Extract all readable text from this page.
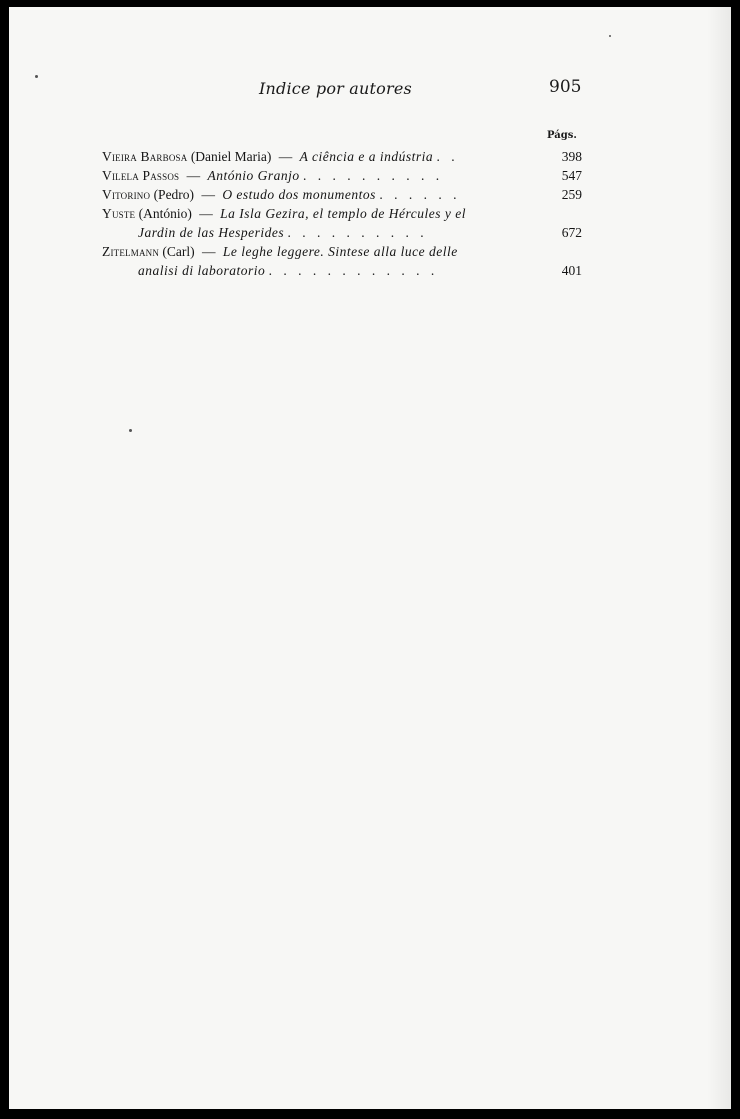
Indice por autores	905
Págs.
Vieira Barbosa (Daniel Maria) — A ciência e a indústria . .	398
Vilela Passos — António Granjo . . . . . . . . . .	547
Vitorino (Pedro) — O estudo dos monumentos . . . . . .	259
Yuste (António) — La Isla Gezira, el templo de Hércules y el
Jardin de las Hesperides . . . . . . . . . .	672
Zitelmann (Carl) — Le leghe leggere. Sintese alla luce delle
analisi di laboratorio . . . . . . . . . . . .	401
